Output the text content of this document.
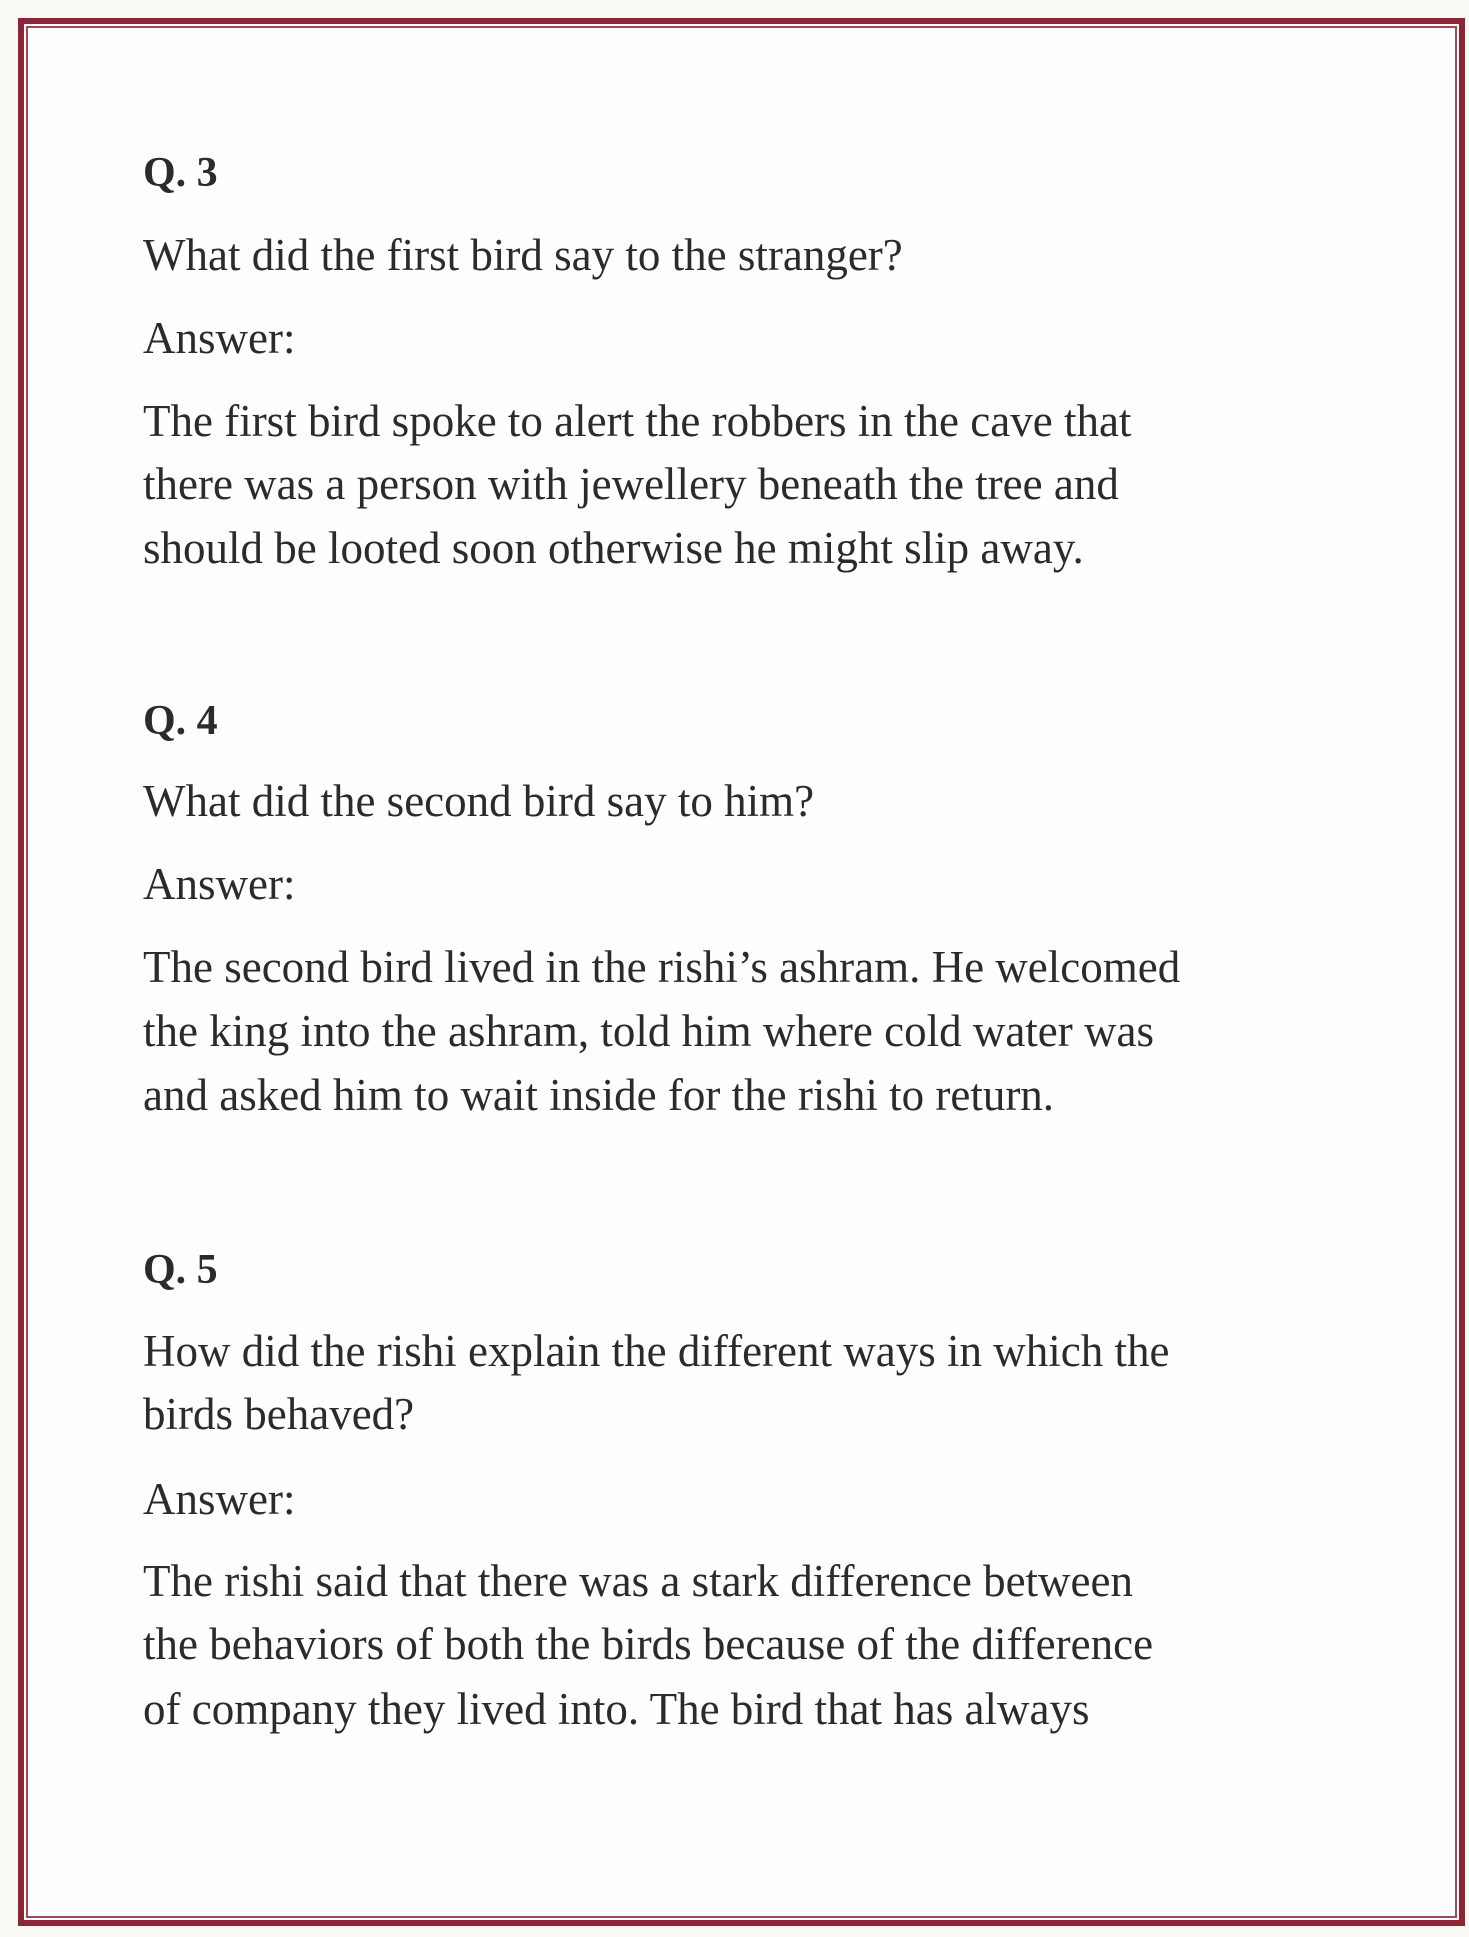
Q. 3
What did the first bird say to the stranger?
Answer:
The first bird spoke to alert the robbers in the cave that
there was a person with jewellery beneath the tree and
should be looted soon otherwise he might slip away.
Q. 4
What did the second bird say to him?
Answer:
The second bird lived in the rishi’s ashram. He welcomed
the king into the ashram, told him where cold water was
and asked him to wait inside for the rishi to return.
Q. 5
How did the rishi explain the different ways in which the
birds behaved?
Answer:
The rishi said that there was a stark difference between
the behaviors of both the birds because of the difference
of company they lived into. The bird that has always
